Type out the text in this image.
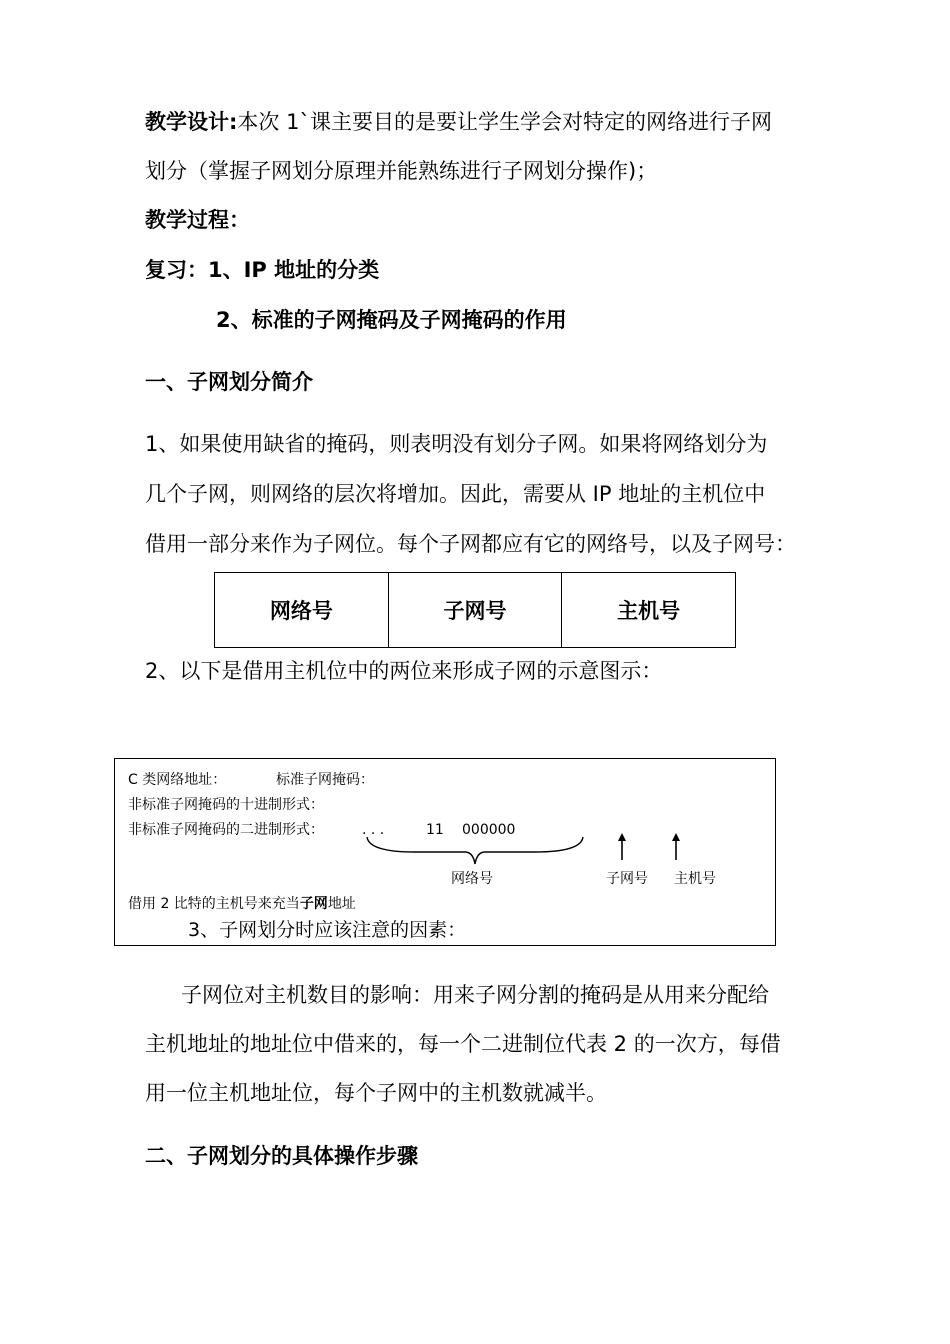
教学设计:本次 1`课主要目的是要让学生学会对特定的网络进行子网
划分（掌握子网划分原理并能熟练进行子网划分操作)；
教学过程：
复习：1、IP 地址的分类
2、标准的子网掩码及子网掩码的作用
一、子网划分简介
1、如果使用缺省的掩码，则表明没有划分子网。如果将网络划分为
几个子网，则网络的层次将增加。因此，需要从 IP 地址的主机位中
借用一部分来作为子网位。每个子网都应有它的网络号，以及子网号：
网络号	子网号	主机号
2、以下是借用主机位中的两位来形成子网的示意图示：
C 类网络地址：	标准子网掩码：
非标准子网掩码的十进制形式：
非标准子网掩码的二进制形式：	. . .	11 000000
网络号	子网号 主机号
借用 2 比特的主机号来充当子网地址
3、子网划分时应该注意的因素：
子网位对主机数目的影响：用来子网分割的掩码是从用来分配给
主机地址的地址位中借来的，每一个二进制位代表 2 的一次方，每借
用一位主机地址位，每个子网中的主机数就减半。
二、子网划分的具体操作步骤
